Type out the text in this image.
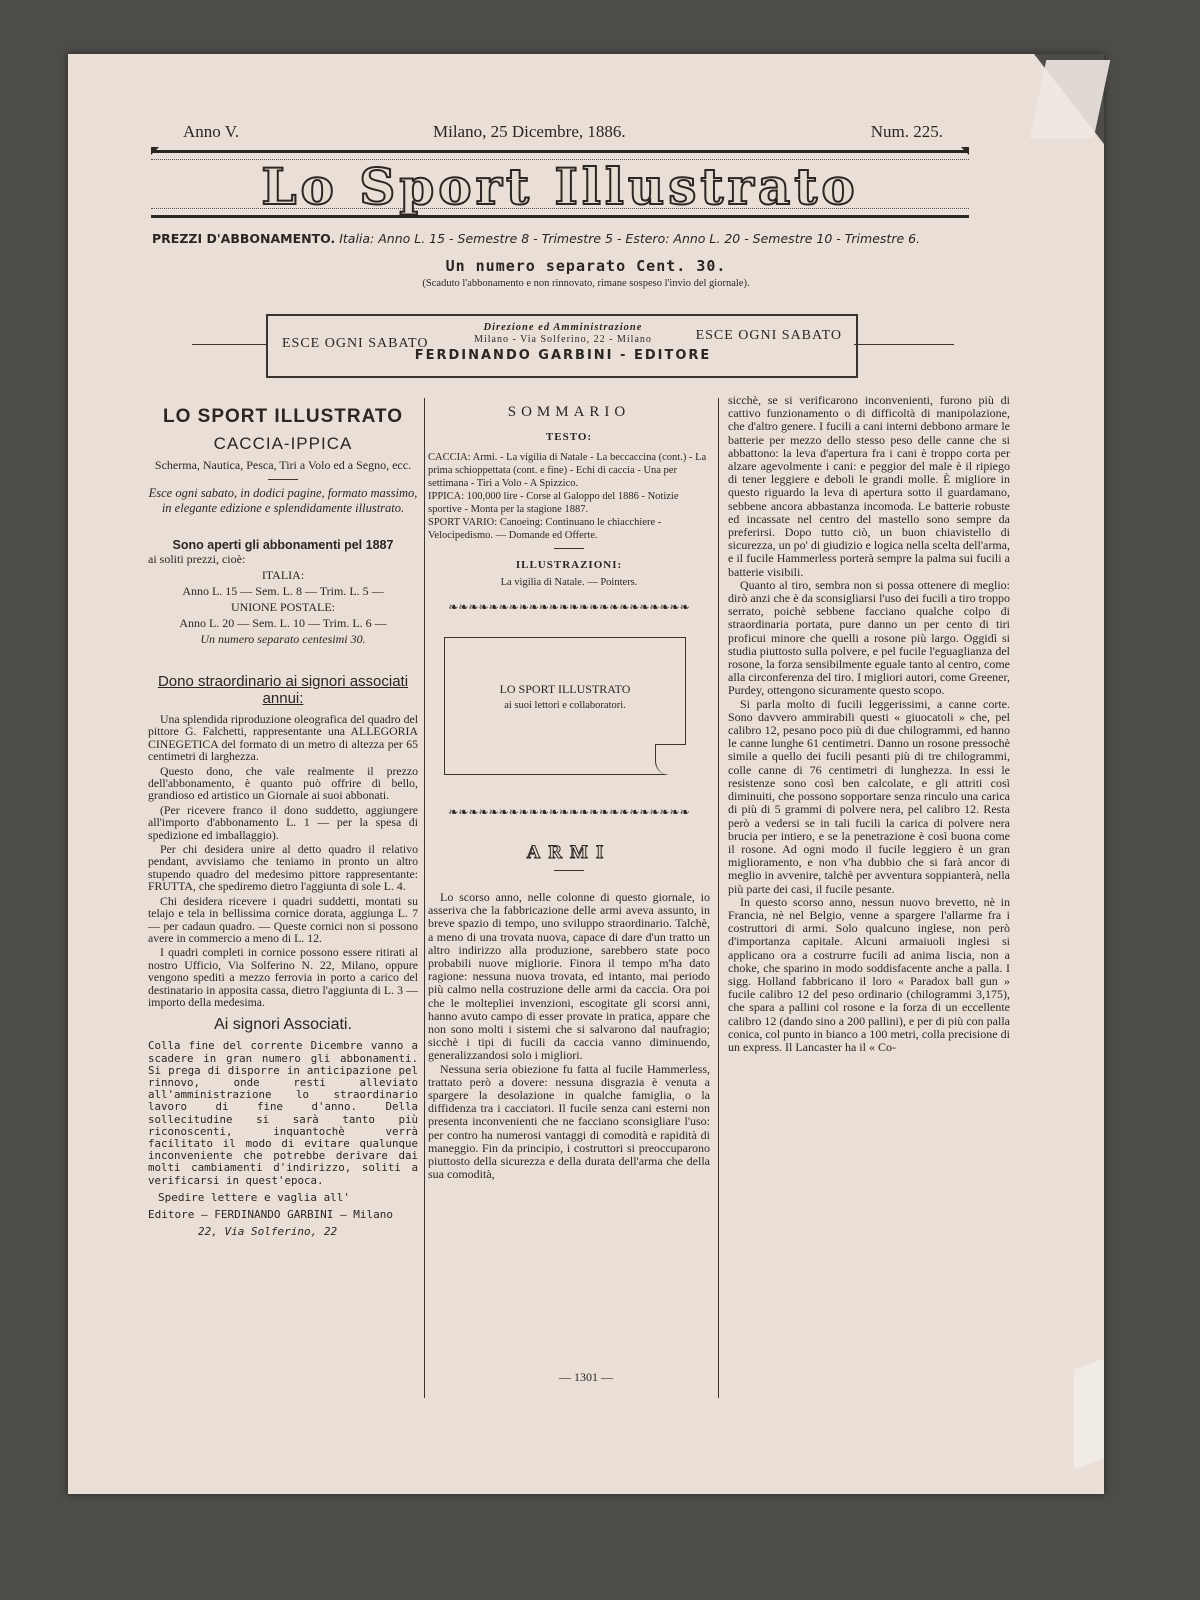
Anno V.	Milano, 25 Dicembre, 1886.	Num. 225.
Lo Sport Illustrato
PREZZI D'ABBONAMENTO. Italia: Anno L. 15 - Semestre 8 - Trimestre 5 - Estero: Anno L. 20 - Semestre 10 - Trimestre 6.
Un numero separato Cent. 30.
(Scaduto l'abbonamento e non rinnovato, rimane sospeso l'invio del giornale).
ESCE OGNI SABATO
Direzione ed Amministrazione
Milano - Via Solferino, 22 - Milano
FERDINANDO GARBINI - EDITORE
ESCE OGNI SABATO
LO SPORT ILLUSTRATO
CACCIA-IPPICA
Scherma, Nautica, Pesca, Tiri a Volo ed a Segno, ecc.
Esce ogni sabato, in dodici pagine, formato massimo, in elegante edizione e splendidamente illustrato.
Sono aperti gli abbonamenti pel 1887
ai soliti prezzi, cioè:
ITALIA:
Anno L. 15 — Sem. L. 8 — Trim. L. 5 —
UNIONE POSTALE:
Anno L. 20 — Sem. L. 10 — Trim. L. 6 —
Un numero separato centesimi 30.
Dono straordinario ai signori associati annui:
Una splendida riproduzione oleografica del quadro del pittore G. Falchetti, rappresentante una ALLEGORIA CINEGETICA del formato di un metro di altezza per 65 centimetri di larghezza.
Questo dono, che vale realmente il prezzo dell'abbonamento, è quanto può offrire di bello, grandioso ed artistico un Giornale ai suoi abbonati.
(Per ricevere franco il dono suddetto, aggiungere all'importo d'abbonamento L. 1 — per la spesa di spedizione ed imballaggio).
Per chi desidera unire al detto quadro il relativo pendant, avvisiamo che teniamo in pronto un altro stupendo quadro del medesimo pittore rappresentante: FRUTTA, che spediremo dietro l'aggiunta di sole L. 4.
Chi desidera ricevere i quadri suddetti, montati su telajo e tela in bellissima cornice dorata, aggiunga L. 7 — per cadaun quadro. — Queste cornici non si possono avere in commercio a meno di L. 12.
I quadri completi in cornice possono essere ritirati al nostro Ufficio, Via Solferino N. 22, Milano, oppure vengono spediti a mezzo ferrovia in porto a carico del destinatario in apposita cassa, dietro l'aggiunta di L. 3 — importo della medesima.
Ai signori Associati.
Colla fine del corrente Dicembre vanno a scadere in gran numero gli abbonamenti. Si prega di disporre in anticipazione pel rinnovo, onde resti alleviato all'amministrazione lo straordinario lavoro di fine d'anno. Della sollecitudine si sarà tanto più riconoscenti, inquantochè verrà facilitato il modo di evitare qualunque inconveniente che potrebbe derivare dai molti cambiamenti d'indirizzo, soliti a verificarsi in quest'epoca.
Spedire lettere e vaglia all'
Editore — FERDINANDO GARBINI — Milano
22, Via Solferino, 22
SOMMARIO
TESTO:
CACCIA: Armi. - La vigilia di Natale - La beccaccina (cont.) - La prima schioppettata (cont. e fine) - Echi di caccia - Una per settimana - Tiri a Volo - A Spizzico.
IPPICA: 100,000 lire - Corse al Galoppo del 1886 - Notizie sportive - Monta per la stagione 1887.
SPORT VARIO: Canoeing: Continuano le chiacchiere - Velocipedismo. — Domande ed Offerte.
ILLUSTRAZIONI:
La vigilia di Natale. — Pointers.
❧❧❧❧❧❧❧❧❧❧❧❧❧❧❧❧❧❧❧❧❧❧❧❧
LO SPORT ILLUSTRATO
ai suoi lettori e collaboratori.
❧❧❧❧❧❧❧❧❧❧❧❧❧❧❧❧❧❧❧❧❧❧❧❧
ARMI

Lo scorso anno, nelle colonne di questo giornale, io asseriva che la fabbricazione delle armi aveva assunto, in breve spazio di tempo, uno sviluppo straordinario. Talchè, a meno di una trovata nuova, capace di dare d'un tratto un altro indirizzo alla produzione, sarebbero state poco probabili nuove migliorie. Finora il tempo m'ha dato ragione: nessuna nuova trovata, ed intanto, mai periodo più calmo nella costruzione delle armi da caccia. Ora poi che le moltepliei invenzioni, escogitate gli scorsi anni, hanno avuto campo di esser provate in pratica, appare che non sono molti i sistemi che si salvarono dal naufragio; sicchè i tipi di fucili da caccia vanno diminuendo, generalizzandosi solo i migliori.

Nessuna seria obiezione fu fatta al fucile Hammerless, trattato però a dovere: nessuna disgrazia è venuta a spargere la desolazione in qualche famiglia, o la diffidenza tra i cacciatori. Il fucile senza cani esterni non presenta inconvenienti che ne facciano sconsigliare l'uso: per contro ha numerosi vantaggi di comodità e rapidità di maneggio. Fin da principio, i costruttori si preoccuparono piuttosto della sicurezza e della durata dell'arma che della sua comodità,

sicchè, se si verificarono inconvenienti, furono più di cattivo funzionamento o di difficoltà di manipolazione, che d'altro genere. I fucili a cani interni debbono armare le batterie per mezzo dello stesso peso delle canne che si abbattono: la leva d'apertura fra i cani è troppo corta per alzare agevolmente i cani: e peggior del male è il ripiego di tener leggiere e deboli le grandi molle. È migliore in questo riguardo la leva di apertura sotto il guardamano, sebbene ancora abbastanza incomoda. Le batterie robuste ed incassate nel centro del mastello sono sempre da preferirsi. Dopo tutto ciò, un buon chiavistello di sicurezza, un po' di giudizio e logica nella scelta dell'arma, e il fucile Hammerless porterà sempre la palma sui fucili a batterie visibili.

Quanto al tiro, sembra non si possa ottenere di meglio: dirò anzi che è da sconsigliarsi l'uso dei fucili a tiro troppo serrato, poichè sebbene facciano qualche colpo di straordinaria portata, pure danno un per cento di tiri proficui minore che quelli a rosone più largo. Oggidì si studia piuttosto sulla polvere, e pel fucile l'eguaglianza del rosone, la forza sensibilmente eguale tanto al centro, come alla circonferenza del tiro. I migliori autori, come Greener, Purdey, ottengono sicuramente questo scopo.

Si parla molto di fucili leggerissimi, a canne corte. Sono davvero ammirabili questi « giuocatoli » che, pel calibro 12, pesano poco più di due chilogrammi, ed hanno le canne lunghe 61 centimetri. Danno un rosone pressochè simile a quello dei fucili pesanti più di tre chilogrammi, colle canne di 76 centimetri di lunghezza. In essi le resistenze sono così ben calcolate, e gli attriti così diminuiti, che possono sopportare senza rinculo una carica di più di 5 grammi di polvere nera, pel calibro 12. Resta però a vedersi se in tali fucili la carica di polvere nera brucia per intiero, e se la penetrazione è così buona come il rosone. Ad ogni modo il fucile leggiero è un gran miglioramento, e non v'ha dubbio che si farà ancor di meglio in avvenire, talchè per avventura soppianterà, nella più parte dei casi, il fucile pesante.

In questo scorso anno, nessun nuovo brevetto, nè in Francia, nè nel Belgio, venne a spargere l'allarme fra i costruttori di armi. Solo qualcuno inglese, non però d'importanza capitale. Alcuni armaiuoli inglesi si applicano ora a costrurre fucili ad anima liscia, non a choke, che sparino in modo soddisfacente anche a palla. I sigg. Holland fabbricano il loro « Paradox ball gun » fucile calibro 12 del peso ordinario (chilogrammi 3,175), che spara a pallini col rosone e la forza di un eccellente calibro 12 (dando sino a 200 pallini), e per di più con palla conica, col punto in bianco a 100 metri, colla precisione di un express. Il Lancaster ha il « Co-

— 1301 —
